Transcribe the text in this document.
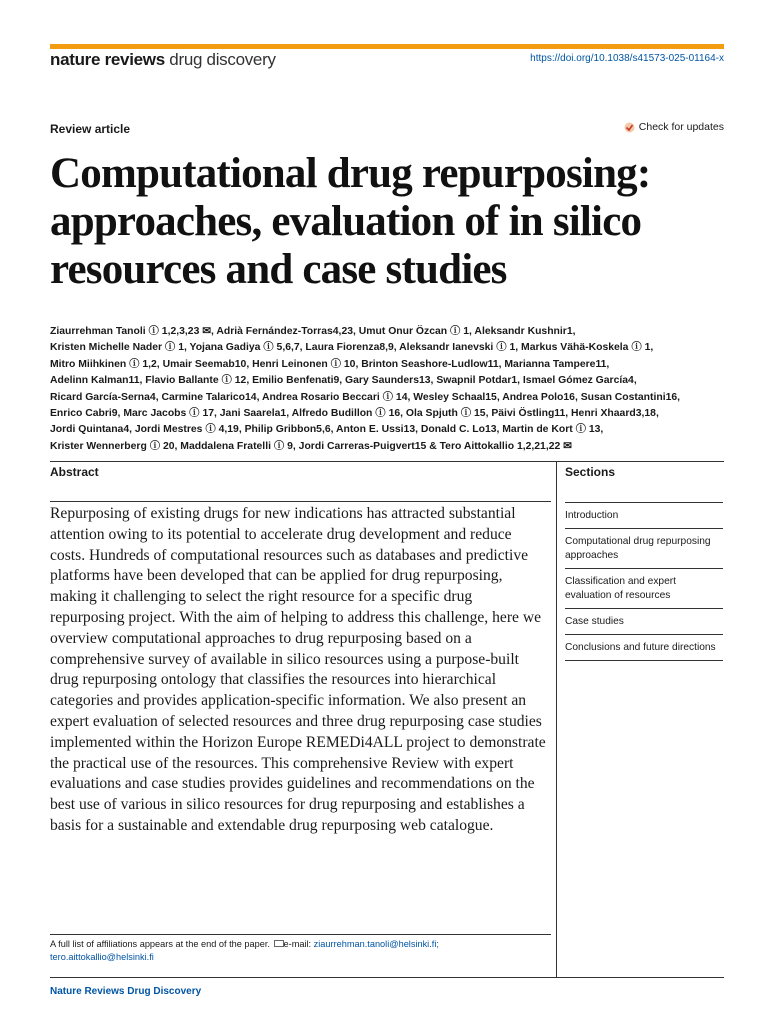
nature reviews drug discovery	https://doi.org/10.1038/s41573-025-01164-x
Review article	Check for updates
Computational drug repurposing:
approaches, evaluation of in silico
resources and case studies
Ziaurrehman Tanoli ⓘ 1,2,3,23 ✉, Adrià Fernández-Torras4,23, Umut Onur Özcan ⓘ 1, Aleksandr Kushnir1,
Kristen Michelle Nader ⓘ 1, Yojana Gadiya ⓘ 5,6,7, Laura Fiorenza8,9, Aleksandr Ianevski ⓘ 1, Markus Vähä-Koskela ⓘ 1,
Mitro Miihkinen ⓘ 1,2, Umair Seemab10, Henri Leinonen ⓘ 10, Brinton Seashore-Ludlow11, Marianna Tampere11,
Adelinn Kalman11, Flavio Ballante ⓘ 12, Emilio Benfenati9, Gary Saunders13, Swapnil Potdar1, Ismael Gómez García4,
Ricard García-Serna4, Carmine Talarico14, Andrea Rosario Beccari ⓘ 14, Wesley Schaal15, Andrea Polo16, Susan Costantini16,
Enrico Cabri9, Marc Jacobs ⓘ 17, Jani Saarela1, Alfredo Budillon ⓘ 16, Ola Spjuth ⓘ 15, Päivi Östling11, Henri Xhaard3,18,
Jordi Quintana4, Jordi Mestres ⓘ 4,19, Philip Gribbon5,6, Anton E. Ussi13, Donald C. Lo13, Martin de Kort ⓘ 13,
Krister Wennerberg ⓘ 20, Maddalena Fratelli ⓘ 9, Jordi Carreras-Puigvert15 & Tero Aittokallio 1,2,21,22 ✉
Abstract

Repurposing of existing drugs for new indications has attracted substantial attention owing to its potential to accelerate drug development and reduce costs. Hundreds of computational resources such as databases and predictive platforms have been developed that can be applied for drug repurposing, making it challenging to select the right resource for a specific drug repurposing project. With the aim of helping to address this challenge, here we overview computational approaches to drug repurposing based on a comprehensive survey of available in silico resources using a purpose-built drug repurposing ontology that classifies the resources into hierarchical categories and provides application-specific information. We also present an expert evaluation of selected resources and three drug repurposing case studies implemented within the Horizon Europe REMEDi4ALL project to demonstrate the practical use of the resources. This comprehensive Review with expert evaluations and case studies provides guidelines and recommendations on the best use of various in silico resources for drug repurposing and establishes a basis for a sustainable and extendable drug repurposing web catalogue.

Sections
Introduction
Computational drug repurposing approaches
Classification and expert evaluation of resources
Case studies
Conclusions and future directions
A full list of affiliations appears at the end of the paper. e-mail: ziaurrehman.tanoli@helsinki.fi;
tero.aittokallio@helsinki.fi
Nature Reviews Drug Discovery
